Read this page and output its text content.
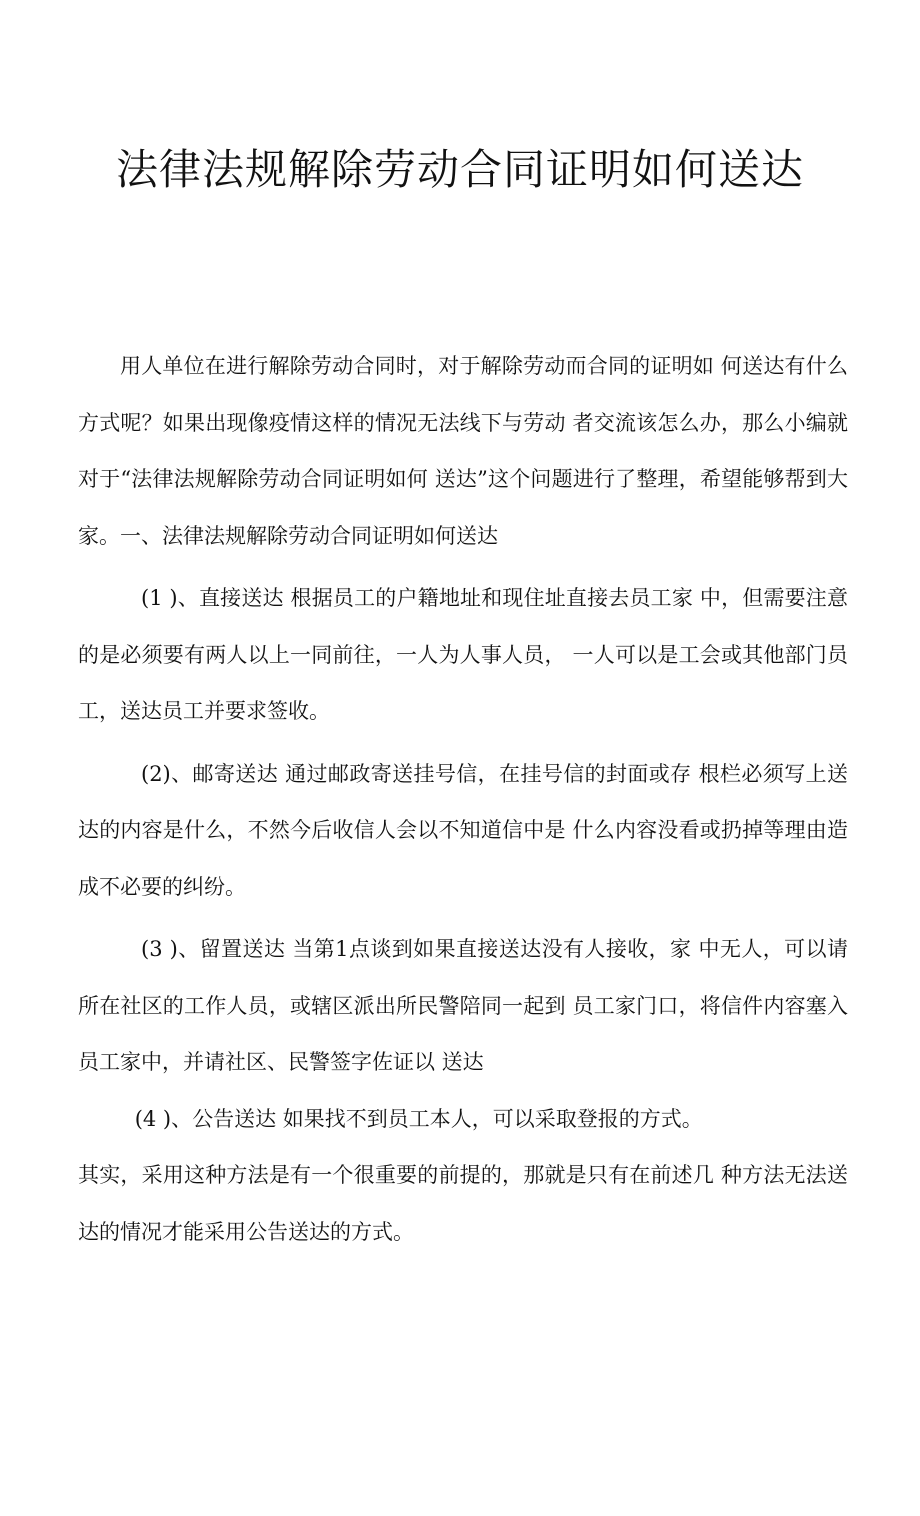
法律法规解除劳动合同证明如何送达

用人单位在进行解除劳动合同时，对于解除劳动而合同的证明如 何送达有什么方式呢？如果出现像疫情这样的情况无法线下与劳动 者交流该怎么办，那么小编就对于“法律法规解除劳动合同证明如何 送达”这个问题进行了整理，希望能够帮到大家。一、法律法规解除劳动合同证明如何送达

(1 )、直接送达 根据员工的户籍地址和现住址直接去员工家 中，但需要注意的是必须要有两人以上一同前往，一人为人事人员， 一人可以是工会或其他部门员工，送达员工并要求签收。

(2)、邮寄送达 通过邮政寄送挂号信，在挂号信的封面或存 根栏必须写上送达的内容是什么，不然今后收信人会以不知道信中是 什么内容没看或扔掉等理由造成不必要的纠纷。

(3 )、留置送达 当第1点谈到如果直接送达没有人接收，家 中无人，可以请所在社区的工作人员，或辖区派出所民警陪同一起到 员工家门口，将信件内容塞入员工家中，并请社区、民警签字佐证以 送达

(4 )、公告送达 如果找不到员工本人，可以采取登报的方式。

其实，采用这种方法是有一个很重要的前提的，那就是只有在前述几 种方法无法送达的情况才能采用公告送达的方式。
